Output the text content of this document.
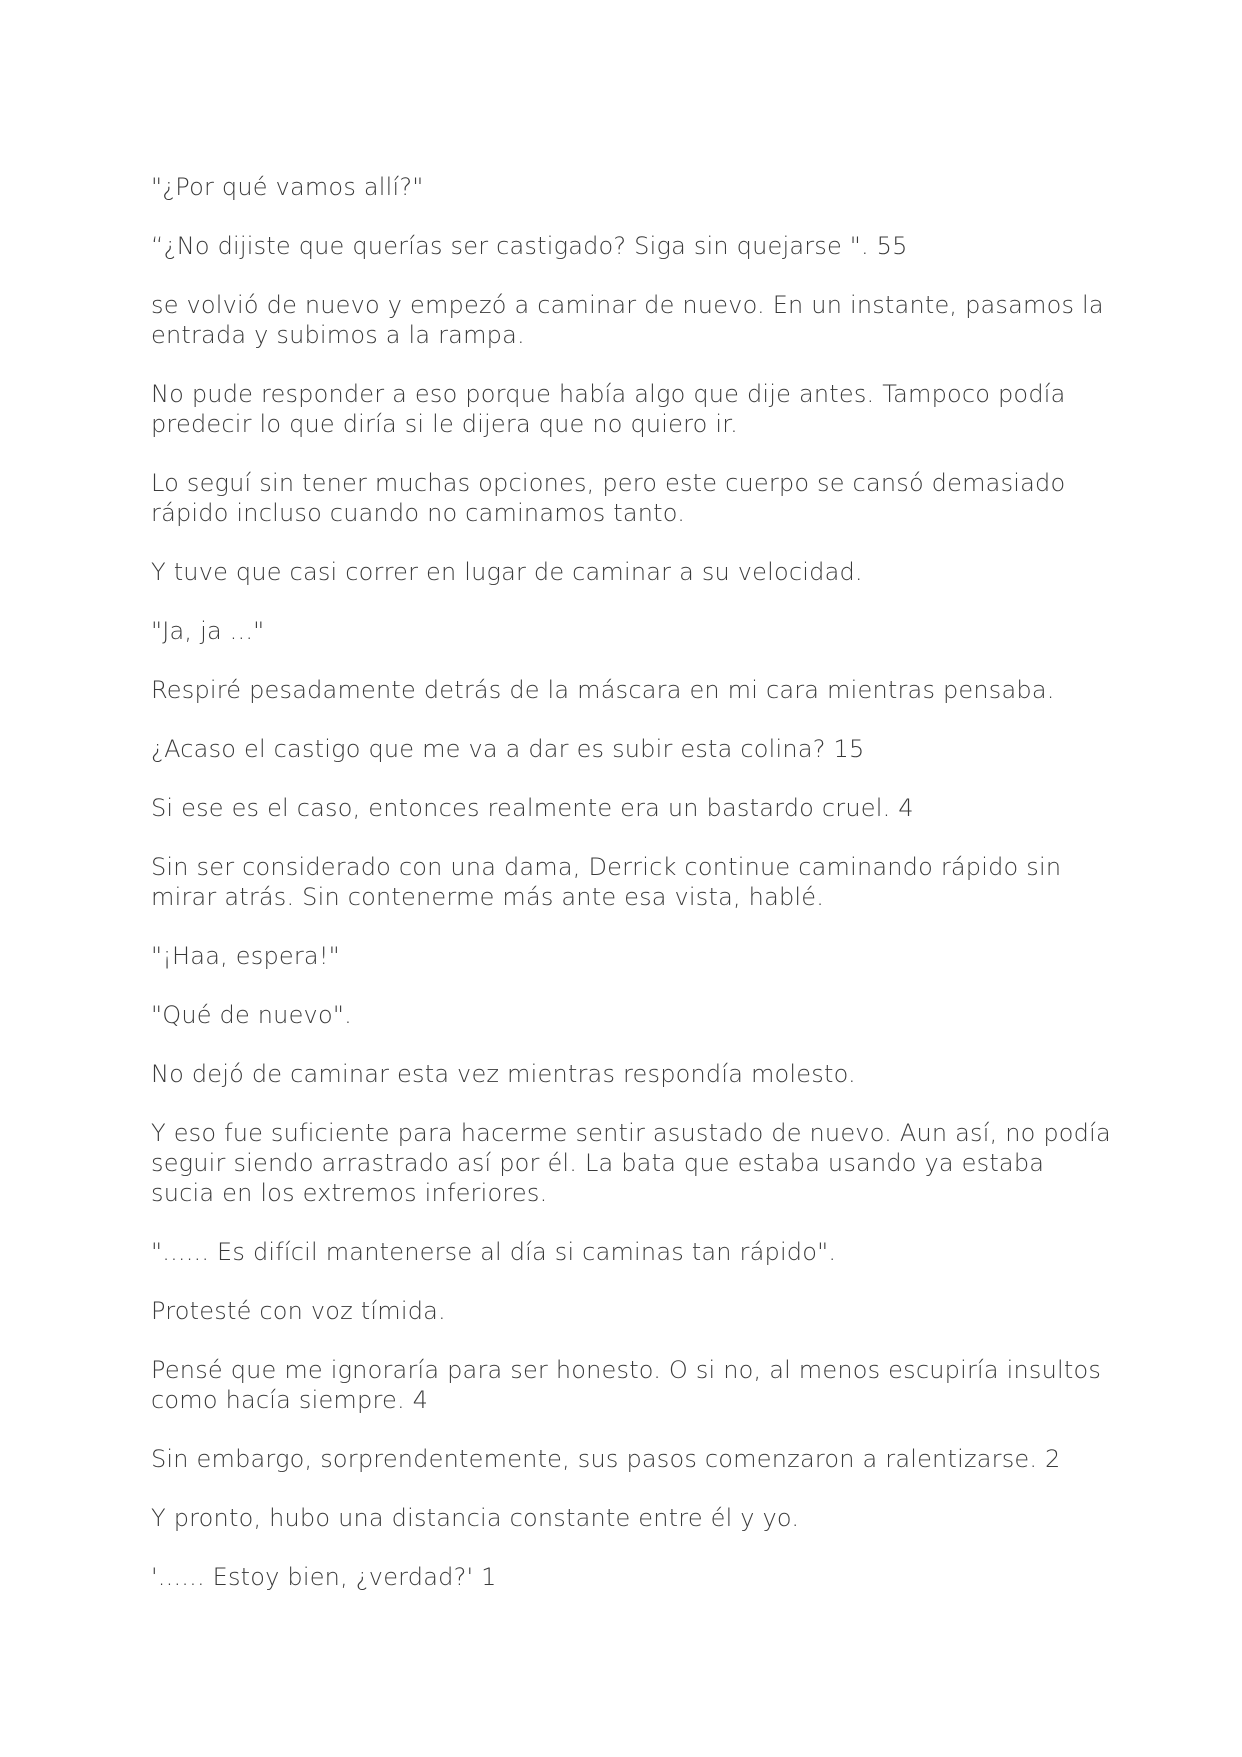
"¿Por qué vamos allí?"

“¿No dijiste que querías ser castigado? Siga sin quejarse ". 55

se volvió de nuevo y empezó a caminar de nuevo. En un instante, pasamos la entrada y subimos a la rampa.

No pude responder a eso porque había algo que dije antes. Tampoco podía predecir lo que diría si le dijera que no quiero ir.

Lo seguí sin tener muchas opciones, pero este cuerpo se cansó demasiado rápido incluso cuando no caminamos tanto.

Y tuve que casi correr en lugar de caminar a su velocidad.

"Ja, ja ..."

Respiré pesadamente detrás de la máscara en mi cara mientras pensaba.

¿Acaso el castigo que me va a dar es subir esta colina? 15

Si ese es el caso, entonces realmente era un bastardo cruel. 4

Sin ser considerado con una dama, Derrick continue caminando rápido sin mirar atrás. Sin contenerme más ante esa vista, hablé.

"¡Haa, espera!"

"Qué de nuevo".

No dejó de caminar esta vez mientras respondía molesto.

Y eso fue suficiente para hacerme sentir asustado de nuevo. Aun así, no podía seguir siendo arrastrado así por él. La bata que estaba usando ya estaba sucia en los extremos inferiores.

"...... Es difícil mantenerse al día si caminas tan rápido".

Protesté con voz tímida.

Pensé que me ignoraría para ser honesto. O si no, al menos escupiría insultos como hacía siempre. 4

Sin embargo, sorprendentemente, sus pasos comenzaron a ralentizarse. 2

Y pronto, hubo una distancia constante entre él y yo.

'...... Estoy bien, ¿verdad?' 1
